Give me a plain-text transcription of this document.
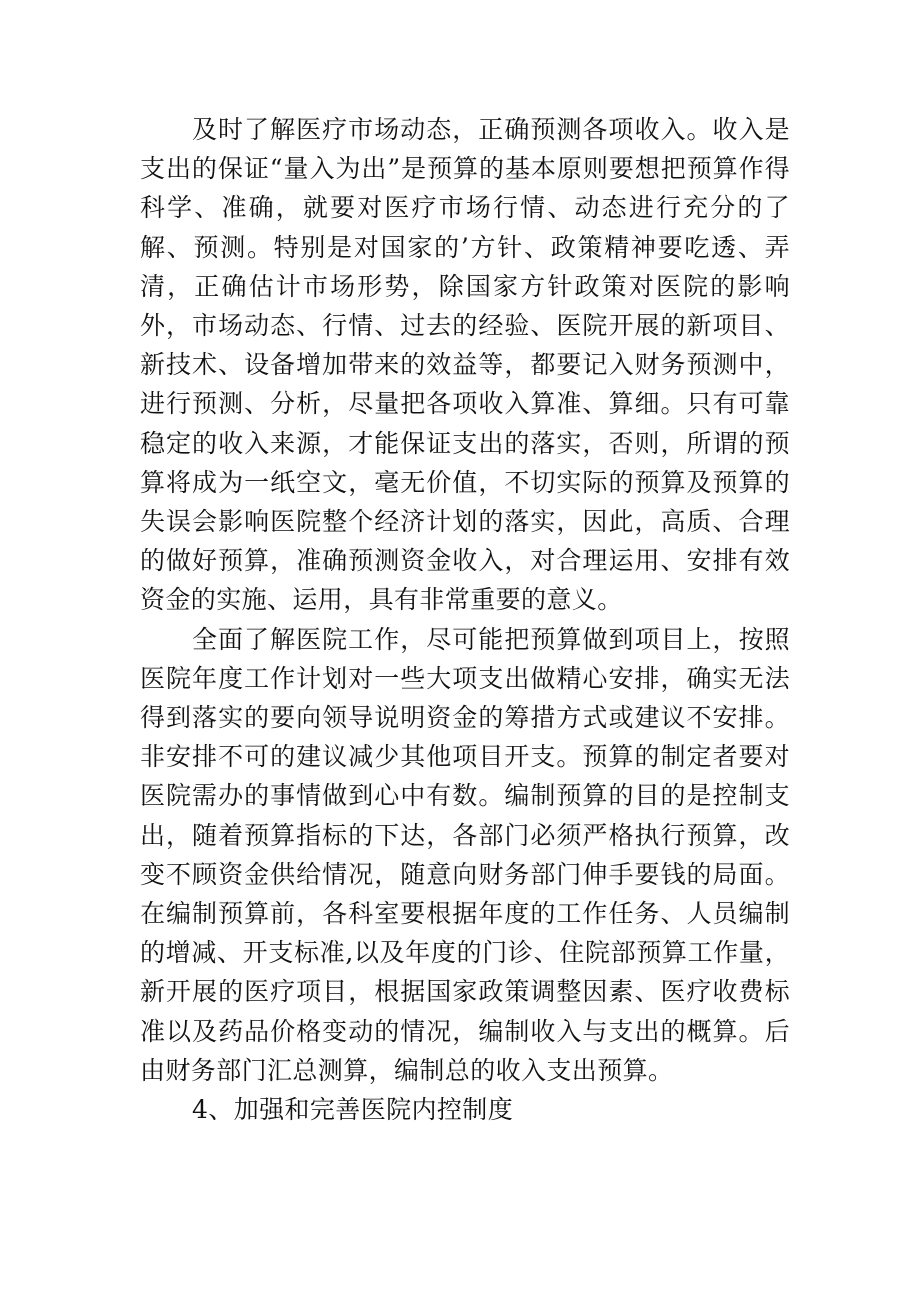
及时了解医疗市场动态，正确预测各项收入。收入是支出的保证“量入为出”是预算的基本原则要想把预算作得科学、准确，就要对医疗市场行情、动态进行充分的了解、预测。特别是对国家的’方针、政策精神要吃透、弄清，正确估计市场形势，除国家方针政策对医院的影响外，市场动态、行情、过去的经验、医院开展的新项目、新技术、设备增加带来的效益等，都要记入财务预测中，进行预测、分析，尽量把各项收入算准、算细。只有可靠稳定的收入来源，才能保证支出的落实，否则，所谓的预算将成为一纸空文，毫无价值，不切实际的预算及预算的失误会影响医院整个经济计划的落实，因此，高质、合理的做好预算，准确预测资金收入，对合理运用、安排有效资金的实施、运用，具有非常重要的意义。

全面了解医院工作，尽可能把预算做到项目上，按照医院年度工作计划对一些大项支出做精心安排，确实无法得到落实的要向领导说明资金的筹措方式或建议不安排。非安排不可的建议减少其他项目开支。预算的制定者要对医院需办的事情做到心中有数。编制预算的目的是控制支出，随着预算指标的下达，各部门必须严格执行预算，改变不顾资金供给情况，随意向财务部门伸手要钱的局面。在编制预算前，各科室要根据年度的工作任务、人员编制的增减、开支标准,以及年度的门诊、住院部预算工作量，新开展的医疗项目，根据国家政策调整因素、医疗收费标准以及药品价格变动的情况，编制收入与支出的概算。后由财务部门汇总测算，编制总的收入支出预算。

4、加强和完善医院内控制度
